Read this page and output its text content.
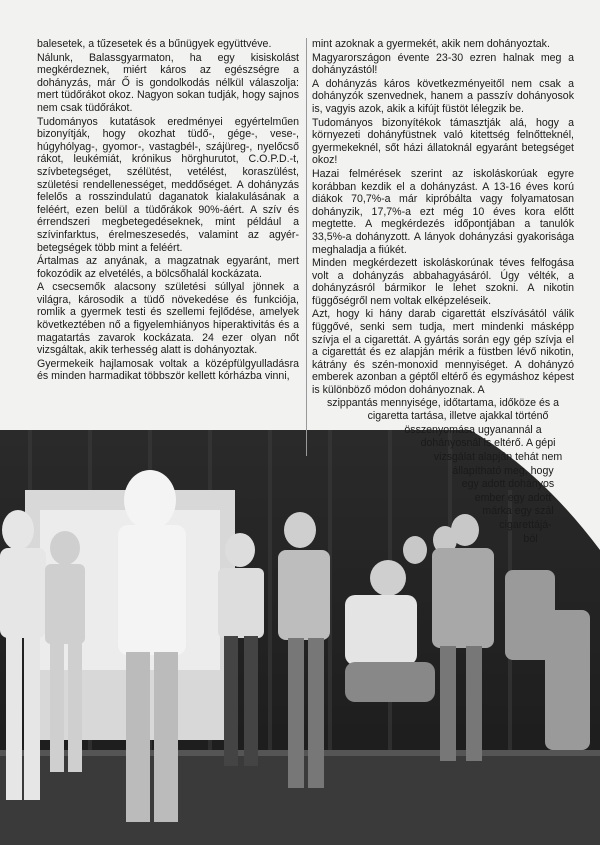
balesetek, a tűzesetek és a bűnügyek együttvéve.

Nálunk, Balassgyarmaton, ha egy kisiskolást megkérdeznek, miért káros az egészségre a dohányzás, már Ő is gondolkodás nélkül válaszolja: mert tüdőrákot okoz. Nagyon sokan tudják, hogy sajnos nem csak tüdőrákot.

Tudományos kutatások eredményei egyértelműen bizonyítják, hogy okozhat tüdő-, gége-, vese-, húgyhólyag-, gyomor-, vastagbél-, szájüreg-, nyelőcső rákot, leukémiát, krónikus hörghurutot, C.O.P.D.-t, szívbetegséget, szélütést, vetélést, koraszülést, születési rendellenességet, meddőséget. A dohányzás felelős a rosszindulatú daganatok kialakulásának a feléért, ezen belül a tüdőrákok 90%-áért. A szív és érrendszeri megbetegedéseknek, mint például a szívinfarktus, érelmeszesedés, valamint az agyér-betegségek több mint a feléért.

Ártalmas az anyának, a magzatnak egyaránt, mert fokozódik az elvetélés, a bölcsőhalál kockázata.

A csecsemők alacsony születési súllyal jönnek a világra, károsodik a tüdő növekedése és funkciója, romlik a gyermek testi és szellemi fejlődése, amelyek következtében nő a figyelemhiányos hiperaktivitás és a magatartás zavarok kockázata. 24 ezer olyan nőt vizsgáltak, akik terhesség alatt is dohányoztak.

Gyermekeik hajlamosak voltak a középfülgyulladásra és minden harmadikat többször kellett kórházba vinni,

mint azoknak a gyermekét, akik nem dohányoztak.

Magyarországon évente 23-30 ezren halnak meg a dohányzástól!

A dohányzás káros következményeitől nem csak a dohányzók szenvednek, hanem a passzív dohányosok is, vagyis azok, akik a kifújt füstöt lélegzik be.

Tudományos bizonyítékok támasztják alá, hogy a környezeti dohányfüstnek való kitettség felnőtteknél, gyermekeknél, sőt házi állatoknál egyaránt betegséget okoz!

Hazai felmérések szerint az iskoláskorúak egyre korábban kezdik el a dohányzást. A 13-16 éves korú diákok 70,7%-a már kipróbálta vagy folyamatosan dohányzik, 17,7%-a ezt még 10 éves kora előtt megtette. A megkérdezés időpontjában a tanulók 33,5%-a dohányzott. A lányok dohányzási gyakorisága meghaladja a fiúkét.

Minden megkérdezett iskoláskorúnak téves felfogása volt a dohányzás abbahagyásáról. Úgy vélték, a dohányzásról bármikor le lehet szokni. A nikotin függőségről nem voltak elképzeléseik.

Azt, hogy ki hány darab cigarettát elszívásától válik függővé, senki sem tudja, mert mindenki másképp szívja el a cigarettát. A gyártás során egy gép szívja el a cigarettát és ez alapján mérik a füstben lévő nikotin, kátrány és szén-monoxid mennyiséget. A dohányzó emberek azonban a géptől eltérő és egymáshoz képest is különböző módon dohányoznak. A

szippantás mennyisége, időtartama, időköze és a

cigaretta tartása, illetve ajakkal történő

összenyomása ugyanannál a

dohányosnál is eltérő. A gépi

vizsgálat alapján tehát nem

állapítható meg, hogy

egy adott dohányos

ember egy adott

márka egy szál

cigarettájá-

ból
